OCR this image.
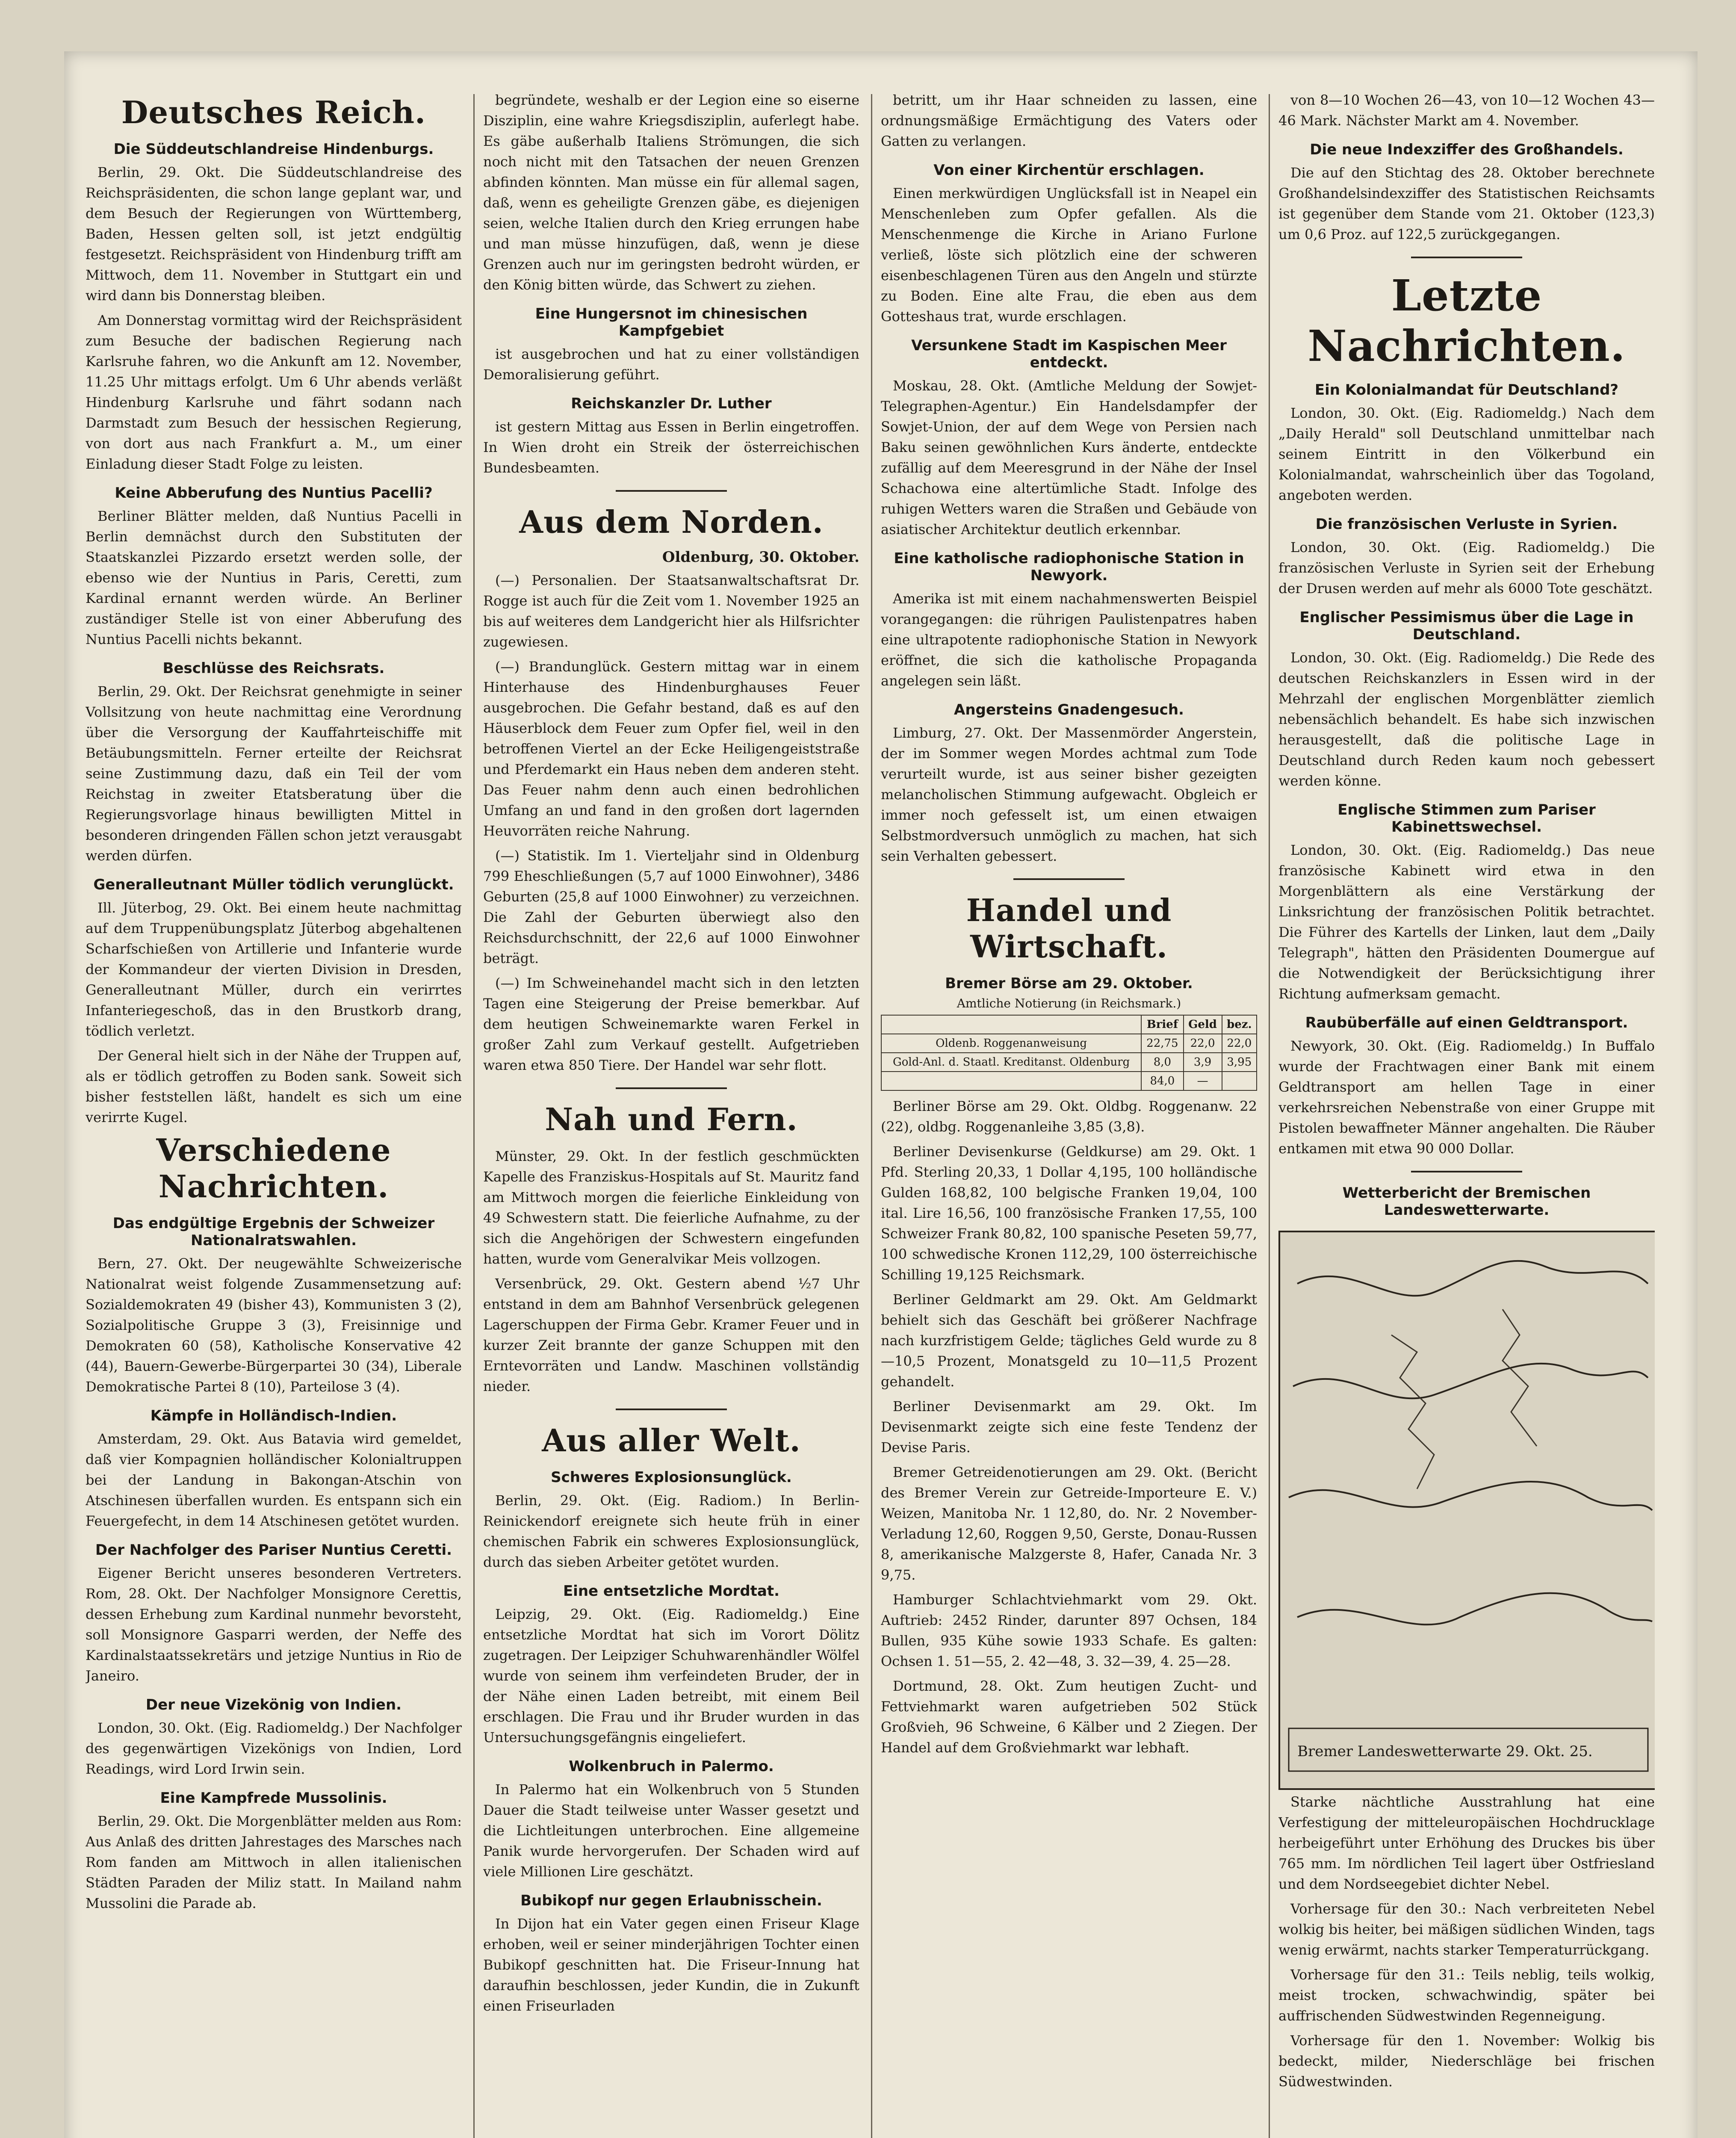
Deutsches Reich.
Die Süddeutschlandreise Hindenburgs.

Berlin, 29. Okt. Die Süddeutschlandreise des Reichspräsidenten, die schon lange geplant war, und dem Besuch der Regierungen von Württemberg, Baden, Hessen gelten soll, ist jetzt endgültig festgesetzt. Reichspräsident von Hindenburg trifft am Mittwoch, dem 11. November in Stuttgart ein und wird dann bis Donnerstag bleiben.

Am Donnerstag vormittag wird der Reichspräsident zum Besuche der badischen Regierung nach Karlsruhe fahren, wo die Ankunft am 12. November, 11.25 Uhr mittags erfolgt. Um 6 Uhr abends verläßt Hindenburg Karlsruhe und fährt sodann nach Darmstadt zum Besuch der hessischen Regierung, von dort aus nach Frankfurt a. M., um einer Einladung dieser Stadt Folge zu leisten.

Keine Abberufung des Nuntius Pacelli?

Berliner Blätter melden, daß Nuntius Pacelli in Berlin demnächst durch den Substituten der Staatskanzlei Pizzardo ersetzt werden solle, der ebenso wie der Nuntius in Paris, Ceretti, zum Kardinal ernannt werden würde. An Berliner zuständiger Stelle ist von einer Abberufung des Nuntius Pacelli nichts bekannt.

Beschlüsse des Reichsrats.

Berlin, 29. Okt. Der Reichsrat genehmigte in seiner Vollsitzung von heute nachmittag eine Verordnung über die Versorgung der Kauffahrteischiffe mit Betäubungsmitteln. Ferner erteilte der Reichsrat seine Zustimmung dazu, daß ein Teil der vom Reichstag in zweiter Etatsberatung über die Regierungsvorlage hinaus bewilligten Mittel in besonderen dringenden Fällen schon jetzt verausgabt werden dürfen.

Generalleutnant Müller tödlich verunglückt.

Ill. Jüterbog, 29. Okt. Bei einem heute nachmittag auf dem Truppenübungsplatz Jüterbog abgehaltenen Scharfschießen von Artillerie und Infanterie wurde der Kommandeur der vierten Division in Dresden, Generalleutnant Müller, durch ein verirrtes Infanteriegeschoß, das in den Brustkorb drang, tödlich verletzt.

Der General hielt sich in der Nähe der Truppen auf, als er tödlich getroffen zu Boden sank. Soweit sich bisher feststellen läßt, handelt es sich um eine verirrte Kugel.

Verschiedene Nachrichten.
Das endgültige Ergebnis der Schweizer Nationalratswahlen.

Bern, 27. Okt. Der neugewählte Schweizerische Nationalrat weist folgende Zusammensetzung auf: Sozialdemokraten 49 (bisher 43), Kommunisten 3 (2), Sozialpolitische Gruppe 3 (3), Freisinnige und Demokraten 60 (58), Katholische Konservative 42 (44), Bauern-Gewerbe-Bürgerpartei 30 (34), Liberale Demokratische Partei 8 (10), Parteilose 3 (4).

Kämpfe in Holländisch-Indien.

Amsterdam, 29. Okt. Aus Batavia wird gemeldet, daß vier Kompagnien holländischer Kolonialtruppen bei der Landung in Bakongan-Atschin von Atschinesen überfallen wurden. Es entspann sich ein Feuergefecht, in dem 14 Atschinesen getötet wurden.

Der Nachfolger des Pariser Nuntius Ceretti.

Eigener Bericht unseres besonderen Vertreters. Rom, 28. Okt. Der Nachfolger Monsignore Cerettis, dessen Erhebung zum Kardinal nunmehr bevorsteht, soll Monsignore Gasparri werden, der Neffe des Kardinalstaatssekretärs und jetzige Nuntius in Rio de Janeiro.

Der neue Vizekönig von Indien.

London, 30. Okt. (Eig. Radiomeldg.) Der Nachfolger des gegenwärtigen Vizekönigs von Indien, Lord Readings, wird Lord Irwin sein.

Eine Kampfrede Mussolinis.

Berlin, 29. Okt. Die Morgenblätter melden aus Rom: Aus Anlaß des dritten Jahrestages des Marsches nach Rom fanden am Mittwoch in allen italienischen Städten Paraden der Miliz statt. In Mailand nahm Mussolini die Parade ab.

begründete, weshalb er der Legion eine so eiserne Disziplin, eine wahre Kriegsdisziplin, auferlegt habe. Es gäbe außerhalb Italiens Strömungen, die sich noch nicht mit den Tatsachen der neuen Grenzen abfinden könnten. Man müsse ein für allemal sagen, daß, wenn es geheiligte Grenzen gäbe, es diejenigen seien, welche Italien durch den Krieg errungen habe und man müsse hinzufügen, daß, wenn je diese Grenzen auch nur im geringsten bedroht würden, er den König bitten würde, das Schwert zu ziehen.

Eine Hungersnot im chinesischen Kampfgebiet

ist ausgebrochen und hat zu einer vollständigen Demoralisierung geführt.

Reichskanzler Dr. Luther

ist gestern Mittag aus Essen in Berlin eingetroffen. In Wien droht ein Streik der österreichischen Bundesbeamten.

Aus dem Norden.
Oldenburg, 30. Oktober.

(—) Personalien. Der Staatsanwaltschaftsrat Dr. Rogge ist auch für die Zeit vom 1. November 1925 an bis auf weiteres dem Landgericht hier als Hilfsrichter zugewiesen.

(—) Brandunglück. Gestern mittag war in einem Hinterhause des Hindenburghauses Feuer ausgebrochen. Die Gefahr bestand, daß es auf den Häuserblock dem Feuer zum Opfer fiel, weil in den betroffenen Viertel an der Ecke Heiligengeiststraße und Pferdemarkt ein Haus neben dem anderen steht. Das Feuer nahm denn auch einen bedrohlichen Umfang an und fand in den großen dort lagernden Heuvorräten reiche Nahrung.

(—) Statistik. Im 1. Vierteljahr sind in Oldenburg 799 Eheschließungen (5,7 auf 1000 Einwohner), 3486 Geburten (25,8 auf 1000 Einwohner) zu verzeichnen. Die Zahl der Geburten überwiegt also den Reichsdurchschnitt, der 22,6 auf 1000 Einwohner beträgt.

(—) Im Schweinehandel macht sich in den letzten Tagen eine Steigerung der Preise bemerkbar. Auf dem heutigen Schweinemarkte waren Ferkel in großer Zahl zum Verkauf gestellt. Aufgetrieben waren etwa 850 Tiere. Der Handel war sehr flott.

Nah und Fern.

Münster, 29. Okt. In der festlich geschmückten Kapelle des Franziskus-Hospitals auf St. Mauritz fand am Mittwoch morgen die feierliche Einkleidung von 49 Schwestern statt. Die feierliche Aufnahme, zu der sich die Angehörigen der Schwestern eingefunden hatten, wurde vom Generalvikar Meis vollzogen.

Versenbrück, 29. Okt. Gestern abend ½7 Uhr entstand in dem am Bahnhof Versenbrück gelegenen Lagerschuppen der Firma Gebr. Kramer Feuer und in kurzer Zeit brannte der ganze Schuppen mit den Erntevorräten und Landw. Maschinen vollständig nieder.

Aus aller Welt.
Schweres Explosionsunglück.

Berlin, 29. Okt. (Eig. Radiom.) In Berlin-Reinickendorf ereignete sich heute früh in einer chemischen Fabrik ein schweres Explosionsunglück, durch das sieben Arbeiter getötet wurden.

Eine entsetzliche Mordtat.

Leipzig, 29. Okt. (Eig. Radiomeldg.) Eine entsetzliche Mordtat hat sich im Vorort Dölitz zugetragen. Der Leipziger Schuhwarenhändler Wölfel wurde von seinem ihm verfeindeten Bruder, der in der Nähe einen Laden betreibt, mit einem Beil erschlagen. Die Frau und ihr Bruder wurden in das Untersuchungsgefängnis eingeliefert.

Wolkenbruch in Palermo.

In Palermo hat ein Wolkenbruch von 5 Stunden Dauer die Stadt teilweise unter Wasser gesetzt und die Lichtleitungen unterbrochen. Eine allgemeine Panik wurde hervorgerufen. Der Schaden wird auf viele Millionen Lire geschätzt.

Bubikopf nur gegen Erlaubnisschein.

In Dijon hat ein Vater gegen einen Friseur Klage erhoben, weil er seiner minderjährigen Tochter einen Bubikopf geschnitten hat. Die Friseur-Innung hat daraufhin beschlossen, jeder Kundin, die in Zukunft einen Friseurladen

betritt, um ihr Haar schneiden zu lassen, eine ordnungsmäßige Ermächtigung des Vaters oder Gatten zu verlangen.

Von einer Kirchentür erschlagen.

Einen merkwürdigen Unglücksfall ist in Neapel ein Menschenleben zum Opfer gefallen. Als die Menschenmenge die Kirche in Ariano Furlone verließ, löste sich plötzlich eine der schweren eisenbeschlagenen Türen aus den Angeln und stürzte zu Boden. Eine alte Frau, die eben aus dem Gotteshaus trat, wurde erschlagen.

Versunkene Stadt im Kaspischen Meer entdeckt.

Moskau, 28. Okt. (Amtliche Meldung der Sowjet-Telegraphen-Agentur.) Ein Handelsdampfer der Sowjet-Union, der auf dem Wege von Persien nach Baku seinen gewöhnlichen Kurs änderte, entdeckte zufällig auf dem Meeresgrund in der Nähe der Insel Schachowa eine altertümliche Stadt. Infolge des ruhigen Wetters waren die Straßen und Gebäude von asiatischer Architektur deutlich erkennbar.

Eine katholische radiophonische Station in Newyork.

Amerika ist mit einem nachahmenswerten Beispiel vorangegangen: die rührigen Paulistenpatres haben eine ultrapotente radiophonische Station in Newyork eröffnet, die sich die katholische Propaganda angelegen sein läßt.

Angersteins Gnadengesuch.

Limburg, 27. Okt. Der Massenmörder Angerstein, der im Sommer wegen Mordes achtmal zum Tode verurteilt wurde, ist aus seiner bisher gezeigten melancholischen Stimmung aufgewacht. Obgleich er immer noch gefesselt ist, um einen etwaigen Selbstmordversuch unmöglich zu machen, hat sich sein Verhalten gebessert.

Handel und Wirtschaft.
Bremer Börse am 29. Oktober.
Amtliche Notierung (in Reichsmark.)
	Brief	Geld	bez.
Oldenb. Roggenanweisung	22,75	22,0	22,0
Gold-Anl. d. Staatl. Kreditanst. Oldenburg	8,0	3,9	3,95
	84,0	—	

Berliner Börse am 29. Okt. Oldbg. Roggenanw. 22 (22), oldbg. Roggenanleihe 3,85 (3,8).

Berliner Devisenkurse (Geldkurse) am 29. Okt. 1 Pfd. Sterling 20,33, 1 Dollar 4,195, 100 holländische Gulden 168,82, 100 belgische Franken 19,04, 100 ital. Lire 16,56, 100 französische Franken 17,55, 100 Schweizer Frank 80,82, 100 spanische Peseten 59,77, 100 schwedische Kronen 112,29, 100 österreichische Schilling 19,125 Reichsmark.

Berliner Geldmarkt am 29. Okt. Am Geldmarkt behielt sich das Geschäft bei größerer Nachfrage nach kurzfristigem Gelde; tägliches Geld wurde zu 8—10,5 Prozent, Monatsgeld zu 10—11,5 Prozent gehandelt.

Berliner Devisenmarkt am 29. Okt. Im Devisenmarkt zeigte sich eine feste Tendenz der Devise Paris.

Bremer Getreidenotierungen am 29. Okt. (Bericht des Bremer Verein zur Getreide-Importeure E. V.) Weizen, Manitoba Nr. 1 12,80, do. Nr. 2 November-Verladung 12,60, Roggen 9,50, Gerste, Donau-Russen 8, amerikanische Malzgerste 8, Hafer, Canada Nr. 3 9,75.

Hamburger Schlachtviehmarkt vom 29. Okt. Auftrieb: 2452 Rinder, darunter 897 Ochsen, 184 Bullen, 935 Kühe sowie 1933 Schafe. Es galten: Ochsen 1. 51—55, 2. 42—48, 3. 32—39, 4. 25—28.

Dortmund, 28. Okt. Zum heutigen Zucht- und Fettviehmarkt waren aufgetrieben 502 Stück Großvieh, 96 Schweine, 6 Kälber und 2 Ziegen. Der Handel auf dem Großviehmarkt war lebhaft.

von 8—10 Wochen 26—43, von 10—12 Wochen 43—46 Mark. Nächster Markt am 4. November.

Die neue Indexziffer des Großhandels.

Die auf den Stichtag des 28. Oktober berechnete Großhandelsindexziffer des Statistischen Reichsamts ist gegenüber dem Stande vom 21. Oktober (123,3) um 0,6 Proz. auf 122,5 zurückgegangen.

Letzte Nachrichten.
Ein Kolonialmandat für Deutschland?

London, 30. Okt. (Eig. Radiomeldg.) Nach dem „Daily Herald" soll Deutschland unmittelbar nach seinem Eintritt in den Völkerbund ein Kolonialmandat, wahrscheinlich über das Togoland, angeboten werden.

Die französischen Verluste in Syrien.

London, 30. Okt. (Eig. Radiomeldg.) Die französischen Verluste in Syrien seit der Erhebung der Drusen werden auf mehr als 6000 Tote geschätzt.

Englischer Pessimismus über die Lage in Deutschland.

London, 30. Okt. (Eig. Radiomeldg.) Die Rede des deutschen Reichskanzlers in Essen wird in der Mehrzahl der englischen Morgenblätter ziemlich nebensächlich behandelt. Es habe sich inzwischen herausgestellt, daß die politische Lage in Deutschland durch Reden kaum noch gebessert werden könne.

Englische Stimmen zum Pariser Kabinettswechsel.

London, 30. Okt. (Eig. Radiomeldg.) Das neue französische Kabinett wird etwa in den Morgenblättern als eine Verstärkung der Linksrichtung der französischen Politik betrachtet. Die Führer des Kartells der Linken, laut dem „Daily Telegraph", hätten den Präsidenten Doumergue auf die Notwendigkeit der Berücksichtigung ihrer Richtung aufmerksam gemacht.

Raubüberfälle auf einen Geldtransport.

Newyork, 30. Okt. (Eig. Radiomeldg.) In Buffalo wurde der Frachtwagen einer Bank mit einem Geldtransport am hellen Tage in einer verkehrsreichen Nebenstraße von einer Gruppe mit Pistolen bewaffneter Männer angehalten. Die Räuber entkamen mit etwa 90 000 Dollar.

Wetterbericht der Bremischen Landeswetterwarte.
Bremer Landeswetterwarte 29. Okt. 25.

Starke nächtliche Ausstrahlung hat eine Verfestigung der mitteleuropäischen Hochdrucklage herbeigeführt unter Erhöhung des Druckes bis über 765 mm. Im nördlichen Teil lagert über Ostfriesland und dem Nordseegebiet dichter Nebel.

Vorhersage für den 30.: Nach verbreiteten Nebel wolkig bis heiter, bei mäßigen südlichen Winden, tags wenig erwärmt, nachts starker Temperaturrückgang.

Vorhersage für den 31.: Teils neblig, teils wolkig, meist trocken, schwachwindig, später bei auffrischenden Südwestwinden Regenneigung.

Vorhersage für den 1. November: Wolkig bis bedeckt, milder, Niederschläge bei frischen Südwestwinden.
